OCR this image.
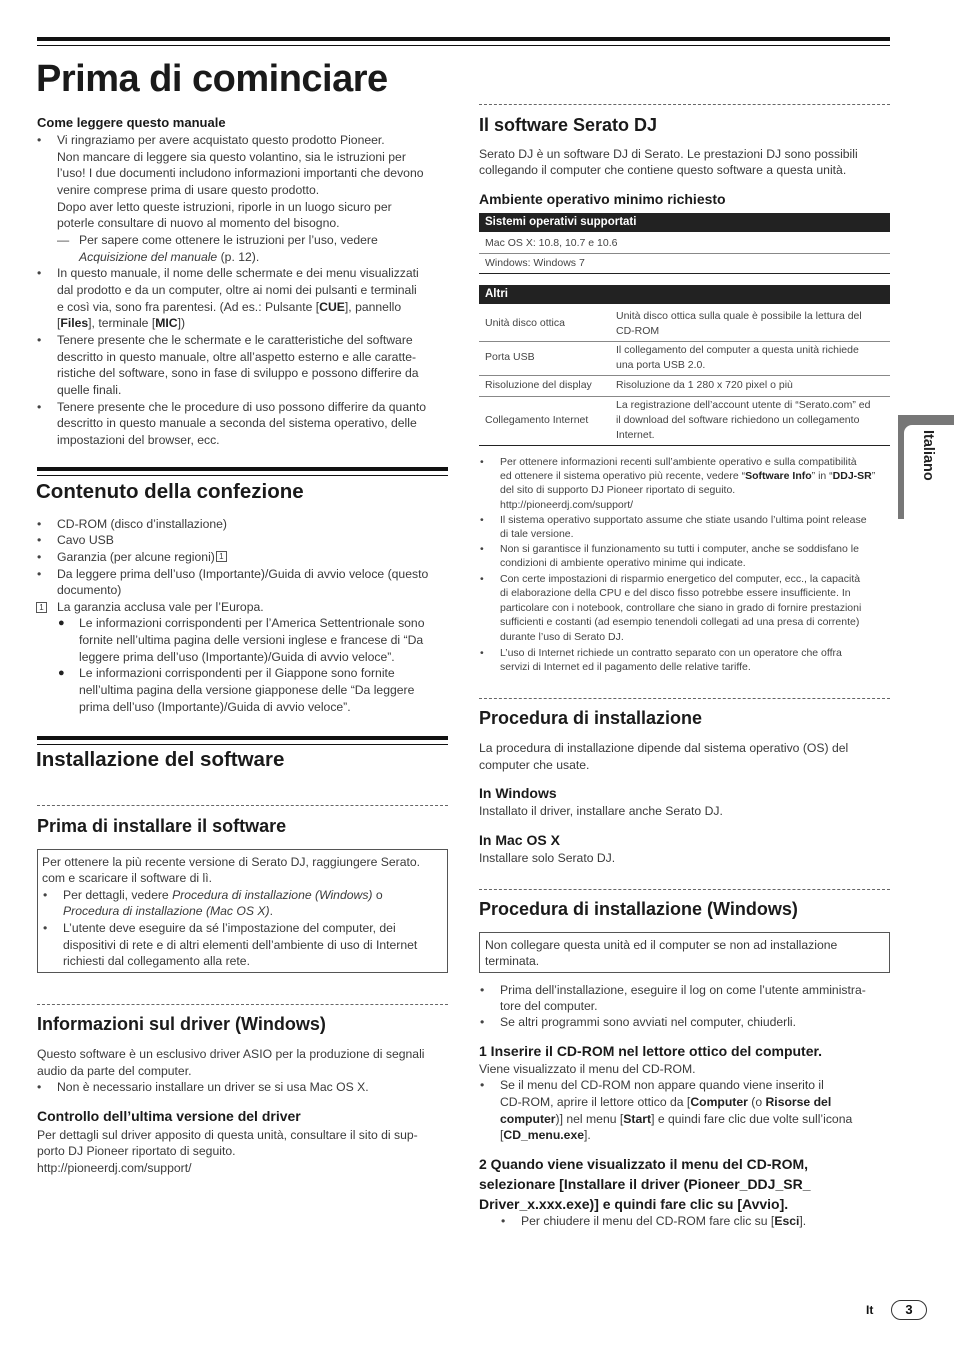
Prima di cominciare
Italiano
Come leggere questo manuale
• Vi ringraziamo per avere acquistato questo prodotto Pioneer.
Non mancare di leggere sia questo volantino, sia le istruzioni per
l’uso! I due documenti includono informazioni importanti che devono
venire comprese prima di usare questo prodotto.
Dopo aver letto queste istruzioni, riporle in un luogo sicuro per
poterle consultare di nuovo al momento del bisogno.
— Per sapere come ottenere le istruzioni per l’uso, vedere
Acquisizione del manuale (p. 12).
• In questo manuale, il nome delle schermate e dei menu visualizzati
dal prodotto e da un computer, oltre ai nomi dei pulsanti e terminali
e così via, sono fra parentesi. (Ad es.: Pulsante [CUE], pannello
[Files], terminale [MIC])
• Tenere presente che le schermate e le caratteristiche del software
descritto in questo manuale, oltre all’aspetto esterno e alle caratte-
ristiche del software, sono in fase di sviluppo e possono differire da
quelle finali.
• Tenere presente che le procedure di uso possono differire da quanto
descritto in questo manuale a seconda del sistema operativo, delle
impostazioni del browser, ecc.
Contenuto della confezione
• CD-ROM (disco d’installazione)
• Cavo USB
• Garanzia (per alcune regioni) 1
• Da leggere prima dell’uso (Importante)/Guida di avvio veloce (questo
documento)
1 La garanzia acclusa vale per l’Europa.
● Le informazioni corrispondenti per l’America Settentrionale sono
fornite nell’ultima pagina delle versioni inglese e francese di “Da
leggere prima dell’uso (Importante)/Guida di avvio veloce”.
● Le informazioni corrispondenti per il Giappone sono fornite
nell’ultima pagina della versione giapponese delle “Da leggere
prima dell’uso (Importante)/Guida di avvio veloce”.
Installazione del software
Prima di installare il software
Per ottenere la più recente versione di Serato DJ, raggiungere Serato.
com e scaricare il software di lì.
• Per dettagli, vedere Procedura di installazione (Windows) o
Procedura di installazione (Mac OS X).
• L’utente deve eseguire da sé l’impostazione del computer, dei
dispositivi di rete e di altri elementi dell’ambiente di uso di Internet
richiesti dal collegamento alla rete.
Informazioni sul driver (Windows)
Questo software è un esclusivo driver ASIO per la produzione di segnali
audio da parte del computer.
• Non è necessario installare un driver se si usa Mac OS X.
Controllo dell’ultima versione del driver
Per dettagli sul driver apposito di questa unità, consultare il sito di sup-
porto DJ Pioneer riportato di seguito.
http://pioneerdj.com/support/
Il software Serato DJ
Serato DJ è un software DJ di Serato. Le prestazioni DJ sono possibili
collegando il computer che contiene questo software a questa unità.
Ambiente operativo minimo richiesto
Sistemi operativi supportati
Mac OS X: 10.8, 10.7 e 10.6
Windows: Windows 7
Altri
Unità disco ottica
Unità disco ottica sulla quale è possibile la lettura del
CD-ROM
Porta USB
Il collegamento del computer a questa unità richiede
una porta USB 2.0.
Risoluzione del display Risoluzione da 1 280 x 720 pixel o più
Collegamento Internet
La registrazione dell’account utente di “Serato.com” ed
il download del software richiedono un collegamento
Internet.
• Per ottenere informazioni recenti sull’ambiente operativo e sulla compatibilità
ed ottenere il sistema operativo più recente, vedere “Software Info” in “DDJ-SR”
del sito di supporto DJ Pioneer riportato di seguito.
http://pioneerdj.com/support/
• Il sistema operativo supportato assume che stiate usando l’ultima point release
di tale versione.
• Non si garantisce il funzionamento su tutti i computer, anche se soddisfano le
condizioni di ambiente operativo minime qui indicate.
• Con certe impostazioni di risparmio energetico del computer, ecc., la capacità
di elaborazione della CPU e del disco fisso potrebbe essere insufficiente. In
particolare con i notebook, controllare che siano in grado di fornire prestazioni
sufficienti e costanti (ad esempio tenendoli collegati ad una presa di corrente)
durante l’uso di Serato DJ.
• L’uso di Internet richiede un contratto separato con un operatore che offra
servizi di Internet ed il pagamento delle relative tariffe.
Procedura di installazione
La procedura di installazione dipende dal sistema operativo (OS) del
computer che usate.
In Windows
Installato il driver, installare anche Serato DJ.
In Mac OS X
Installare solo Serato DJ.
Procedura di installazione (Windows)
Non collegare questa unità ed il computer se non ad installazione
terminata.
• Prima dell’installazione, eseguire il log on come l’utente amministra-
tore del computer.
• Se altri programmi sono avviati nel computer, chiuderli.
1 Inserire il CD-ROM nel lettore ottico del computer.
Viene visualizzato il menu del CD-ROM.
• Se il menu del CD-ROM non appare quando viene inserito il
CD-ROM, aprire il lettore ottico da [Computer (o Risorse del
computer)] nel menu [Start] e quindi fare clic due volte sull’icona
[CD_menu.exe].
2 Quando viene visualizzato il menu del CD-ROM,
selezionare [Installare il driver (Pioneer_DDJ_SR_
Driver_x.xxx.exe)] e quindi fare clic su [Avvio].
• Per chiudere il menu del CD-ROM fare clic su [Esci].
It	3
